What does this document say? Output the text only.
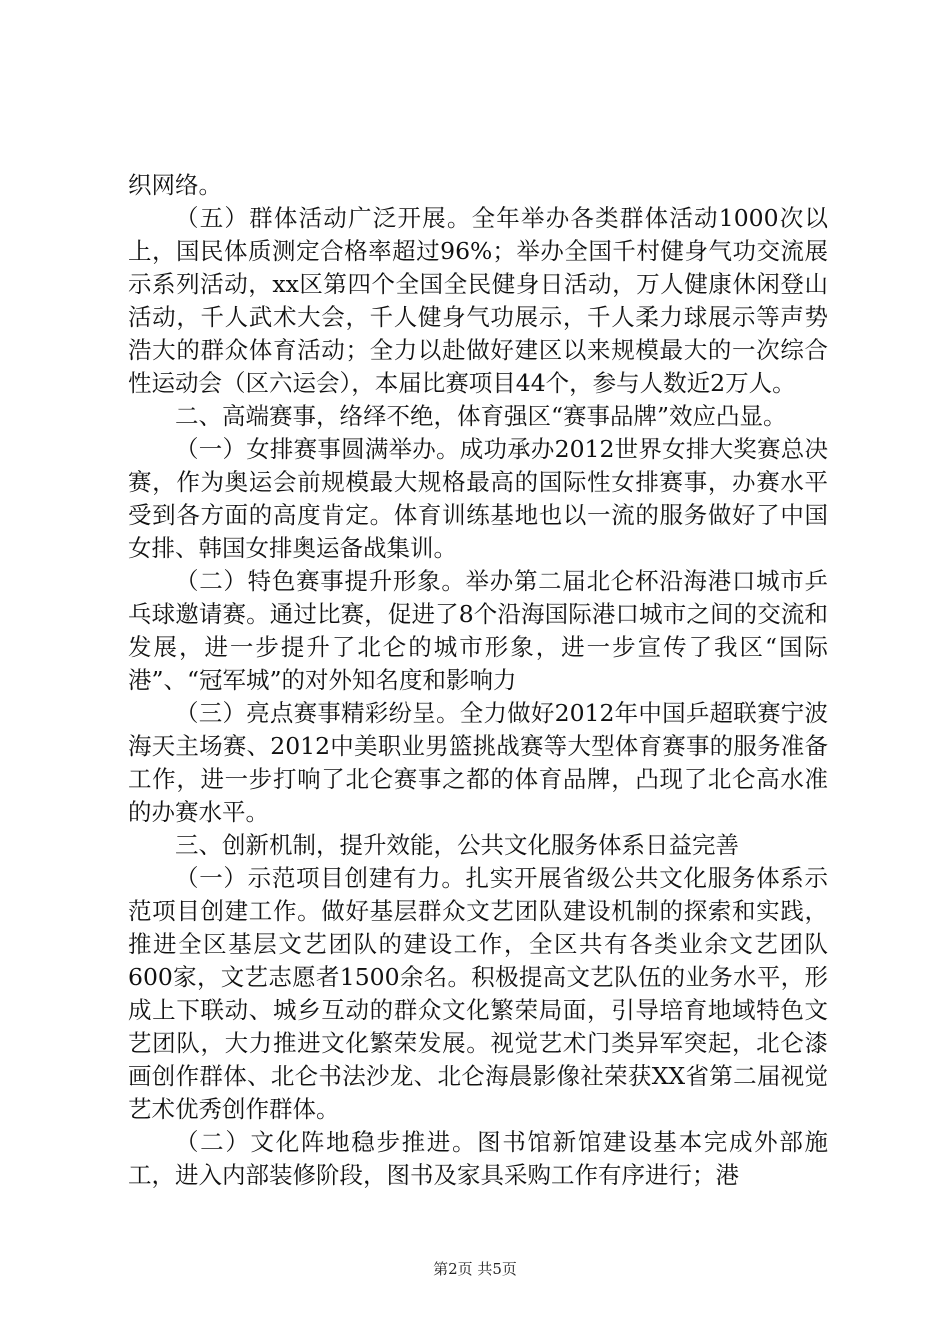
织网络。

（五）群体活动广泛开展。全年举办各类群体活动1000次以上，国民体质测定合格率超过96%；举办全国千村健身气功交流展示系列活动，xx区第四个全国全民健身日活动，万人健康休闲登山活动，千人武术大会，千人健身气功展示，千人柔力球展示等声势浩大的群众体育活动；全力以赴做好建区以来规模最大的一次综合性运动会（区六运会），本届比赛项目44个，参与人数近2万人。

二、高端赛事，络绎不绝，体育强区“赛事品牌”效应凸显。

（一）女排赛事圆满举办。成功承办2012世界女排大奖赛总决赛，作为奥运会前规模最大规格最高的国际性女排赛事，办赛水平受到各方面的高度肯定。体育训练基地也以一流的服务做好了中国女排、韩国女排奥运备战集训。

（二）特色赛事提升形象。举办第二届北仑杯沿海港口城市乒乓球邀请赛。通过比赛，促进了8个沿海国际港口城市之间的交流和发展，进一步提升了北仑的城市形象，进一步宣传了我区“国际港”、“冠军城”的对外知名度和影响力

（三）亮点赛事精彩纷呈。全力做好2012年中国乒超联赛宁波海天主场赛、2012中美职业男篮挑战赛等大型体育赛事的服务准备工作，进一步打响了北仑赛事之都的体育品牌，凸现了北仑高水准的办赛水平。

三、创新机制，提升效能，公共文化服务体系日益完善

（一）示范项目创建有力。扎实开展省级公共文化服务体系示范项目创建工作。做好基层群众文艺团队建设机制的探索和实践，推进全区基层文艺团队的建设工作，全区共有各类业余文艺团队600家，文艺志愿者1500余名。积极提高文艺队伍的业务水平，形成上下联动、城乡互动的群众文化繁荣局面，引导培育地域特色文艺团队，大力推进文化繁荣发展。视觉艺术门类异军突起，北仑漆画创作群体、北仑书法沙龙、北仑海晨影像社荣获XX省第二届视觉艺术优秀创作群体。

（二）文化阵地稳步推进。图书馆新馆建设基本完成外部施工，进入内部装修阶段，图书及家具采购工作有序进行；港

第2页 共5页
